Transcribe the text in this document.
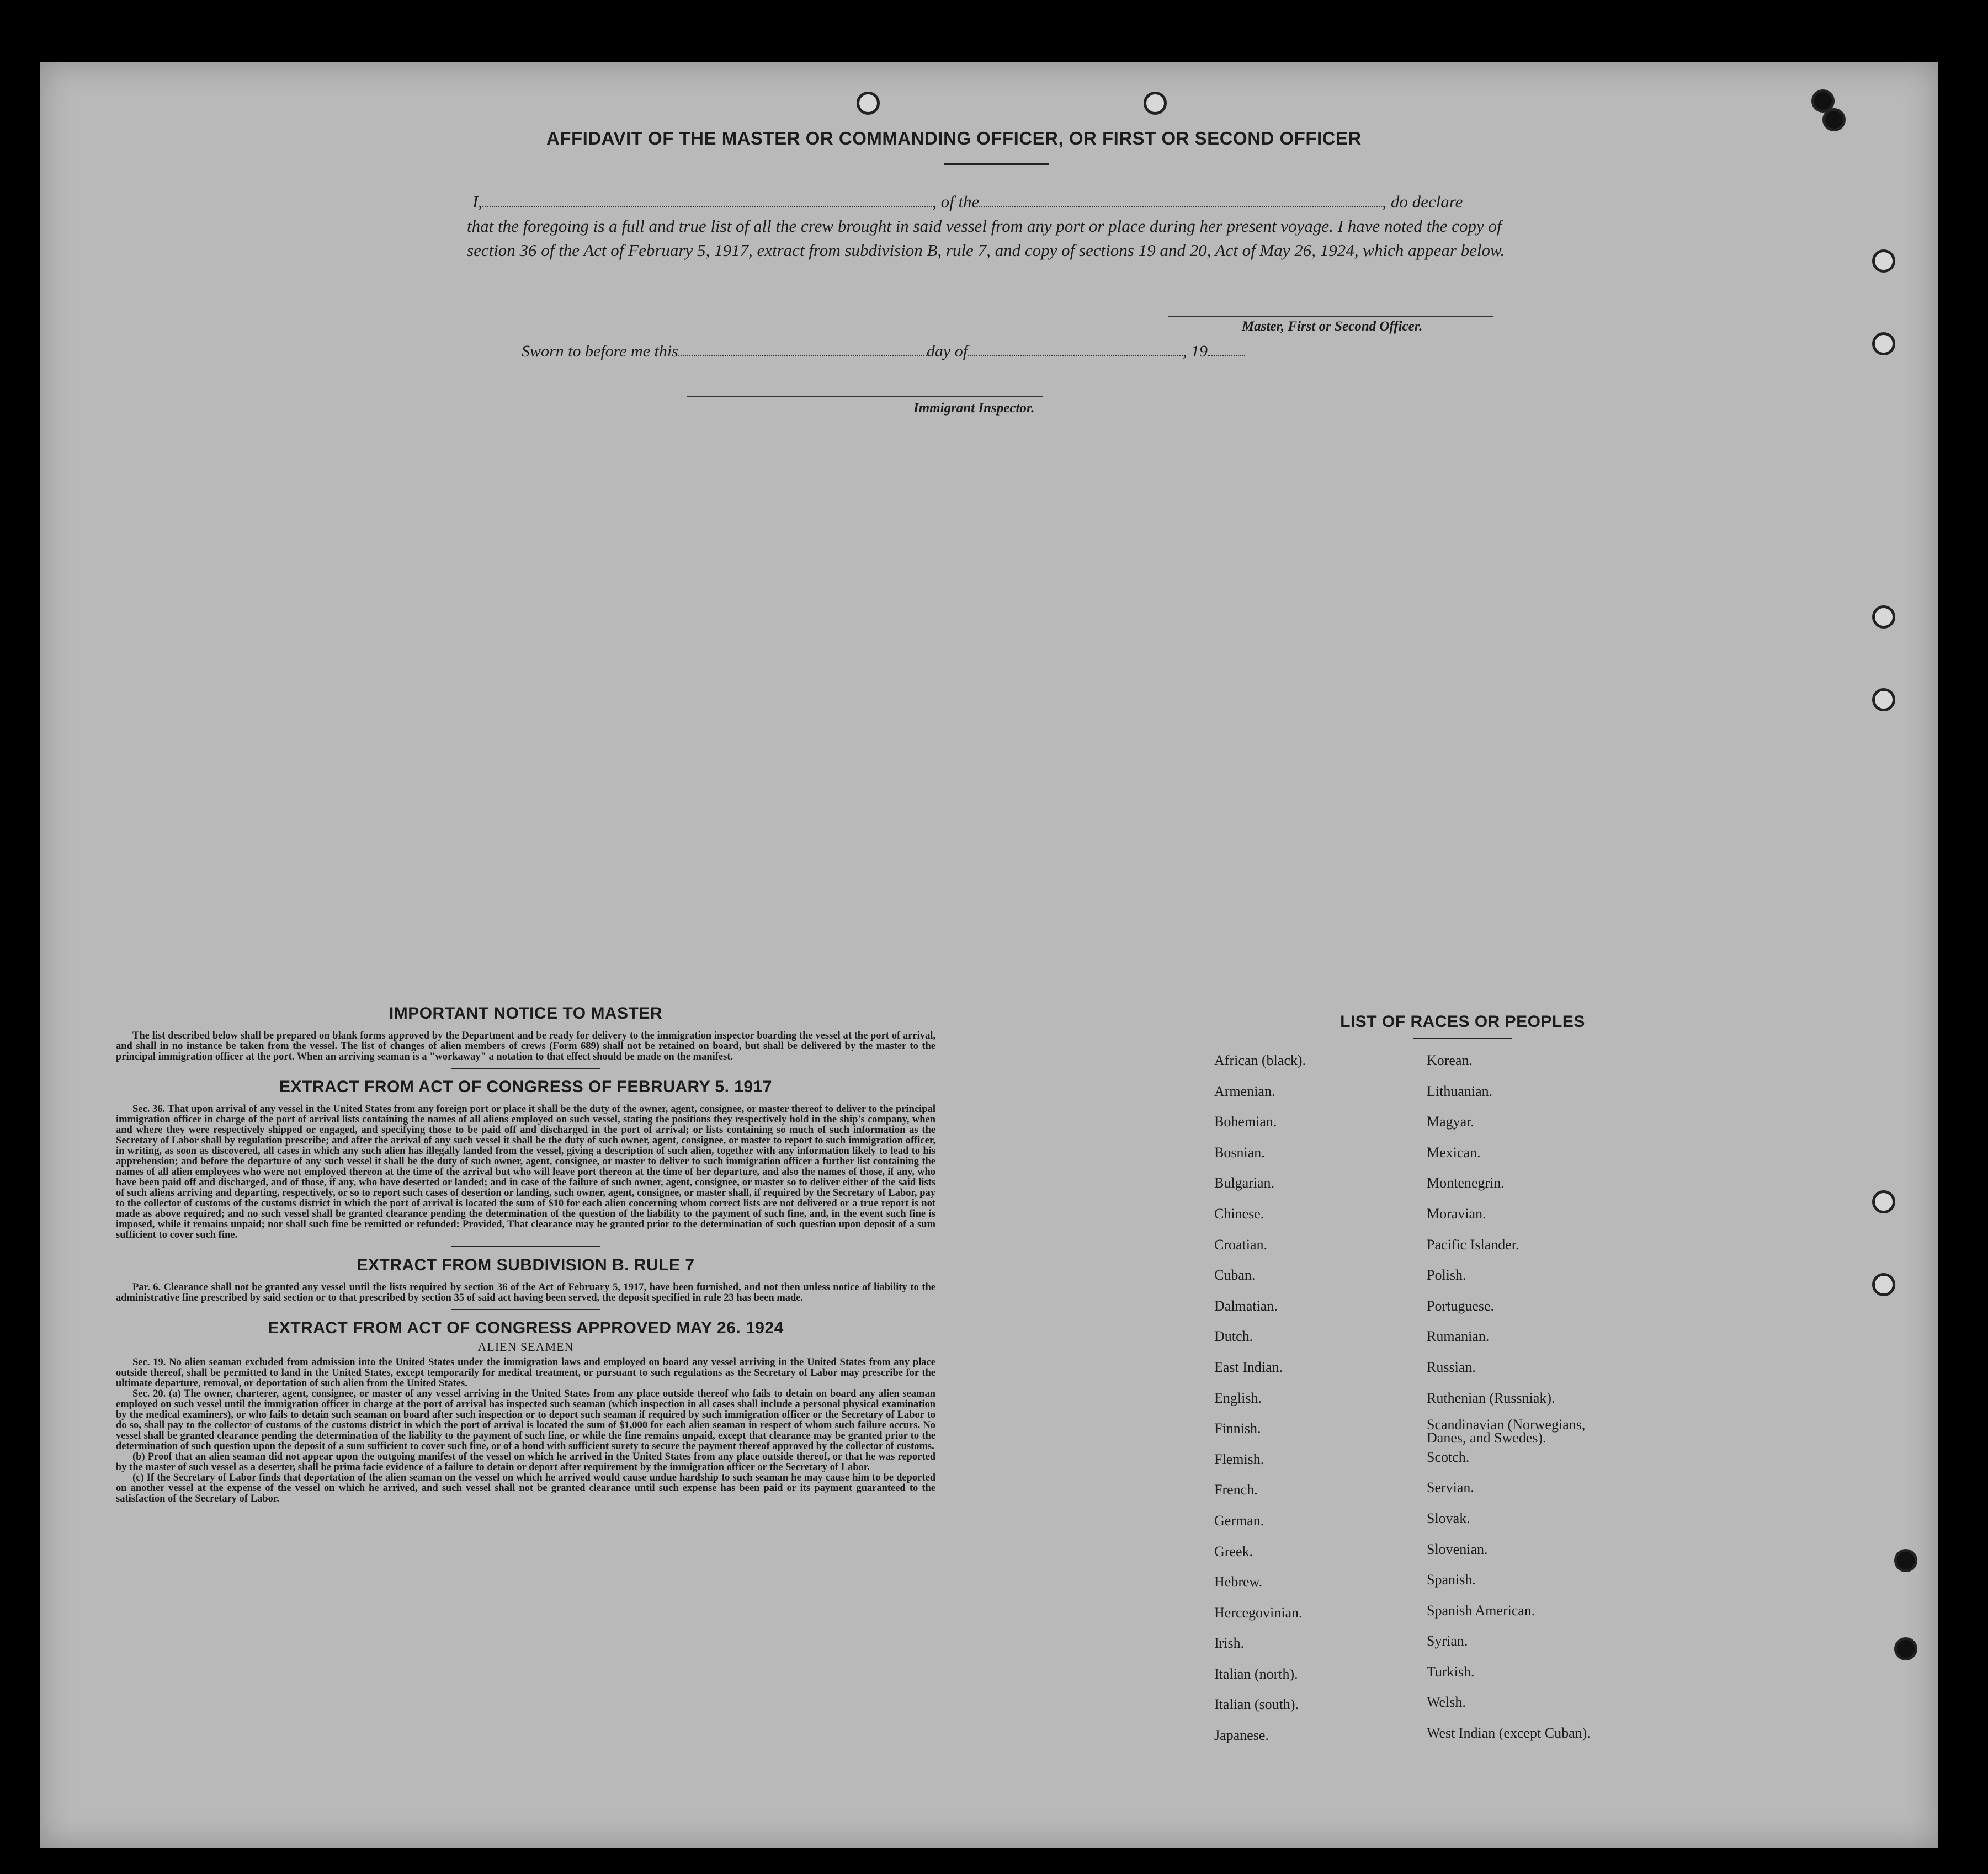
AFFIDAVIT OF THE MASTER OR COMMANDING OFFICER, OR FIRST OR SECOND OFFICER
I,	, of the	, do declare
that the foregoing is a full and true list of all the crew brought in said vessel from any port or place during her present voyage. I have noted the copy of section 36 of the Act of February 5, 1917, extract from subdivision B, rule 7, and copy of sections 19 and 20, Act of May 26, 1924, which appear below.
Master, First or Second Officer.
Sworn to before me this	day of	, 19
Immigrant Inspector.
IMPORTANT NOTICE TO MASTER

The list described below shall be prepared on blank forms approved by the Department and be ready for delivery to the immigration inspector boarding the vessel at the port of arrival, and shall in no instance be taken from the vessel. The list of changes of alien members of crews (Form 689) shall not be retained on board, but shall be delivered by the master to the principal immigration officer at the port. When an arriving seaman is a "workaway" a notation to that effect should be made on the manifest.

EXTRACT FROM ACT OF CONGRESS OF FEBRUARY 5. 1917

Sec. 36. That upon arrival of any vessel in the United States from any foreign port or place it shall be the duty of the owner, agent, consignee, or master thereof to deliver to the principal immigration officer in charge of the port of arrival lists containing the names of all aliens employed on such vessel, stating the positions they respectively hold in the ship's company, when and where they were respectively shipped or engaged, and specifying those to be paid off and discharged in the port of arrival; or lists containing so much of such information as the Secretary of Labor shall by regulation prescribe; and after the arrival of any such vessel it shall be the duty of such owner, agent, consignee, or master to report to such immigration officer, in writing, as soon as discovered, all cases in which any such alien has illegally landed from the vessel, giving a description of such alien, together with any information likely to lead to his apprehension; and before the departure of any such vessel it shall be the duty of such owner, agent, consignee, or master to deliver to such immigration officer a further list containing the names of all alien employees who were not employed thereon at the time of the arrival but who will leave port thereon at the time of her departure, and also the names of those, if any, who have been paid off and discharged, and of those, if any, who have deserted or landed; and in case of the failure of such owner, agent, consignee, or master so to deliver either of the said lists of such aliens arriving and departing, respectively, or so to report such cases of desertion or landing, such owner, agent, consignee, or master shall, if required by the Secretary of Labor, pay to the collector of customs of the customs district in which the port of arrival is located the sum of $10 for each alien concerning whom correct lists are not delivered or a true report is not made as above required; and no such vessel shall be granted clearance pending the determination of the question of the liability to the payment of such fine, and, in the event such fine is imposed, while it remains unpaid; nor shall such fine be remitted or refunded: Provided, That clearance may be granted prior to the determination of such question upon deposit of a sum sufficient to cover such fine.

EXTRACT FROM SUBDIVISION B. RULE 7

Par. 6. Clearance shall not be granted any vessel until the lists required by section 36 of the Act of February 5, 1917, have been furnished, and not then unless notice of liability to the administrative fine prescribed by said section or to that prescribed by section 35 of said act having been served, the deposit specified in rule 23 has been made.

EXTRACT FROM ACT OF CONGRESS APPROVED MAY 26. 1924
ALIEN SEAMEN

Sec. 19. No alien seaman excluded from admission into the United States under the immigration laws and employed on board any vessel arriving in the United States from any place outside thereof, shall be permitted to land in the United States, except temporarily for medical treatment, or pursuant to such regulations as the Secretary of Labor may prescribe for the ultimate departure, removal, or deportation of such alien from the United States.

Sec. 20. (a) The owner, charterer, agent, consignee, or master of any vessel arriving in the United States from any place outside thereof who fails to detain on board any alien seaman employed on such vessel until the immigration officer in charge at the port of arrival has inspected such seaman (which inspection in all cases shall include a personal physical examination by the medical examiners), or who fails to detain such seaman on board after such inspection or to deport such seaman if required by such immigration officer or the Secretary of Labor to do so, shall pay to the collector of customs of the customs district in which the port of arrival is located the sum of $1,000 for each alien seaman in respect of whom such failure occurs. No vessel shall be granted clearance pending the determination of the liability to the payment of such fine, or while the fine remains unpaid, except that clearance may be granted prior to the determination of such question upon the deposit of a sum sufficient to cover such fine, or of a bond with sufficient surety to secure the payment thereof approved by the collector of customs.

(b) Proof that an alien seaman did not appear upon the outgoing manifest of the vessel on which he arrived in the United States from any place outside thereof, or that he was reported by the master of such vessel as a deserter, shall be prima facie evidence of a failure to detain or deport after requirement by the immigration officer or the Secretary of Labor.

(c) If the Secretary of Labor finds that deportation of the alien seaman on the vessel on which he arrived would cause undue hardship to such seaman he may cause him to be deported on another vessel at the expense of the vessel on which he arrived, and such vessel shall not be granted clearance until such expense has been paid or its payment guaranteed to the satisfaction of the Secretary of Labor.

LIST OF RACES OR PEOPLES
African (black).
Armenian.
Bohemian.
Bosnian.
Bulgarian.
Chinese.
Croatian.
Cuban.
Dalmatian.
Dutch.
East Indian.
English.
Finnish.
Flemish.
French.
German.
Greek.
Hebrew.
Hercegovinian.
Irish.
Italian (north).
Italian (south).
Japanese.
Korean.
Lithuanian.
Magyar.
Mexican.
Montenegrin.
Moravian.
Pacific Islander.
Polish.
Portuguese.
Rumanian.
Russian.
Ruthenian (Russniak).
Scandinavian (Norwegians,
Danes, and Swedes).
Scotch.
Servian.
Slovak.
Slovenian.
Spanish.
Spanish American.
Syrian.
Turkish.
Welsh.
West Indian (except Cuban).
